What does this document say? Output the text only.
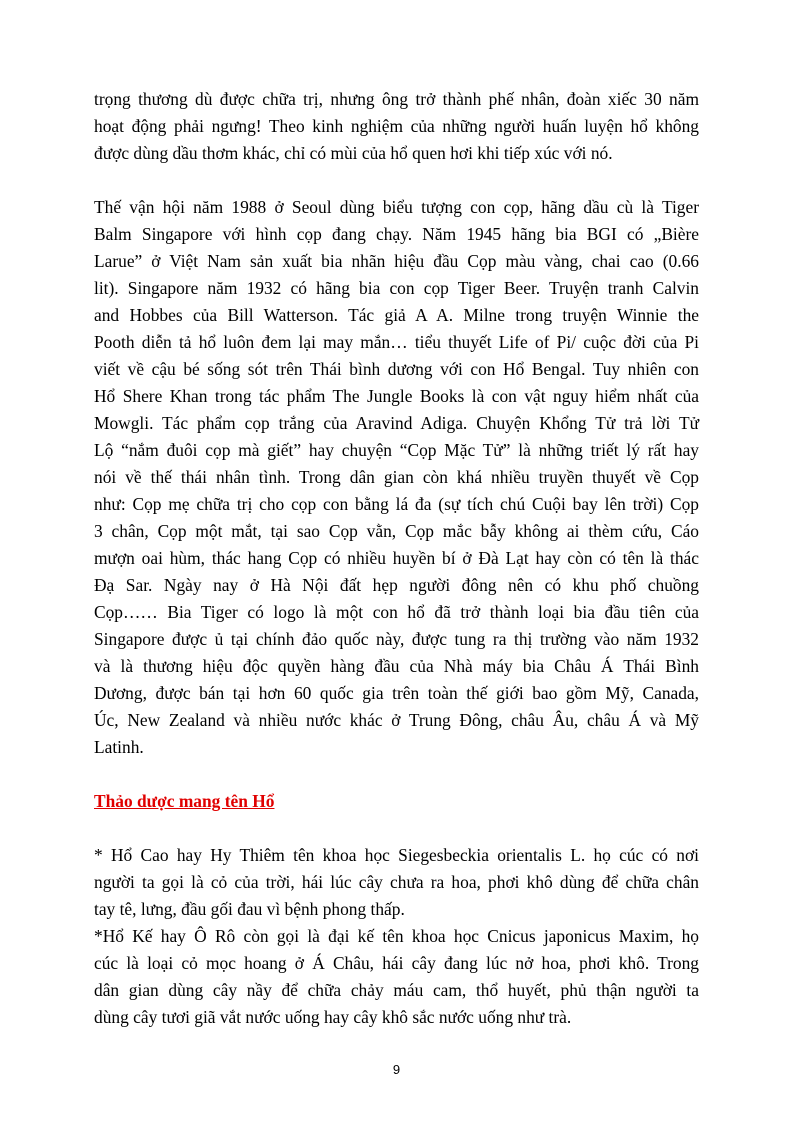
trọng thương dù được chữa trị, nhưng ông trở thành phế nhân, đoàn xiếc 30 năm

hoạt động phải ngưng! Theo kinh nghiệm của những người huấn luyện hổ không

được dùng dầu thơm khác, chỉ có mùi của hổ quen hơi khi tiếp xúc với nó.

Thế vận hội năm 1988 ở Seoul dùng biểu tượng con cọp, hãng dầu cù là Tiger

Balm Singapore với hình cọp đang chạy. Năm 1945 hãng bia BGI có „Bière

Larue” ở Việt Nam sản xuất bia nhãn hiệu đầu Cọp màu vàng, chai cao (0.66

lit). Singapore năm 1932 có hãng bia con cọp Tiger Beer. Truyện tranh Calvin

and Hobbes của Bill Watterson. Tác giả A A. Milne trong truyện Winnie the

Pooth diễn tả hổ luôn đem lại may mắn… tiểu thuyết Life of Pi/ cuộc đời của Pi

viết về cậu bé sống sót trên Thái bình dương với con Hổ Bengal. Tuy nhiên con

Hổ Shere Khan trong tác phẩm The Jungle Books là con vật nguy hiểm nhất của

Mowgli. Tác phẩm cọp trắng của Aravind Adiga. Chuyện Khổng Tử trả lời Tử

Lộ “nắm đuôi cọp mà giết” hay chuyện “Cọp Mặc Tử” là những triết lý rất hay

nói về thế thái nhân tình. Trong dân gian còn khá nhiều truyền thuyết về Cọp

như: Cọp mẹ chữa trị cho cọp con bằng lá đa (sự tích chú Cuội bay lên trời) Cọp

3 chân, Cọp một mắt, tại sao Cọp vằn, Cọp mắc bẫy không ai thèm cứu, Cáo

mượn oai hùm, thác hang Cọp có nhiều huyền bí ở Đà Lạt hay còn có tên là thác

Đạ Sar. Ngày nay ở Hà Nội đất hẹp người đông nên có khu phố chuồng

Cọp…… Bia Tiger có logo là một con hổ đã trở thành loại bia đầu tiên của

Singapore được ủ tại chính đảo quốc này, được tung ra thị trường vào năm 1932

và là thương hiệu độc quyền hàng đầu của Nhà máy bia Châu Á Thái Bình

Dương, được bán tại hơn 60 quốc gia trên toàn thế giới bao gồm Mỹ, Canada,

Úc, New Zealand và nhiều nước khác ở Trung Đông, châu Âu, châu Á và Mỹ

Latinh.

Thảo dược mang tên Hổ

* Hổ Cao hay Hy Thiêm tên khoa học Siegesbeckia orientalis L. họ cúc có nơi

người ta gọi là cỏ của trời, hái lúc cây chưa ra hoa, phơi khô dùng để chữa chân

tay tê, lưng, đầu gối đau vì bệnh phong thấp.

*Hổ Kế hay Ô Rô còn gọi là đại kế tên khoa học Cnicus japonicus Maxim, họ

cúc là loại cỏ mọc hoang ở Á Châu, hái cây đang lúc nở hoa, phơi khô. Trong

dân gian dùng cây nầy để chữa chảy máu cam, thổ huyết, phủ thận người ta

dùng cây tươi giã vắt nước uống hay cây khô sắc nước uống như trà.

9
